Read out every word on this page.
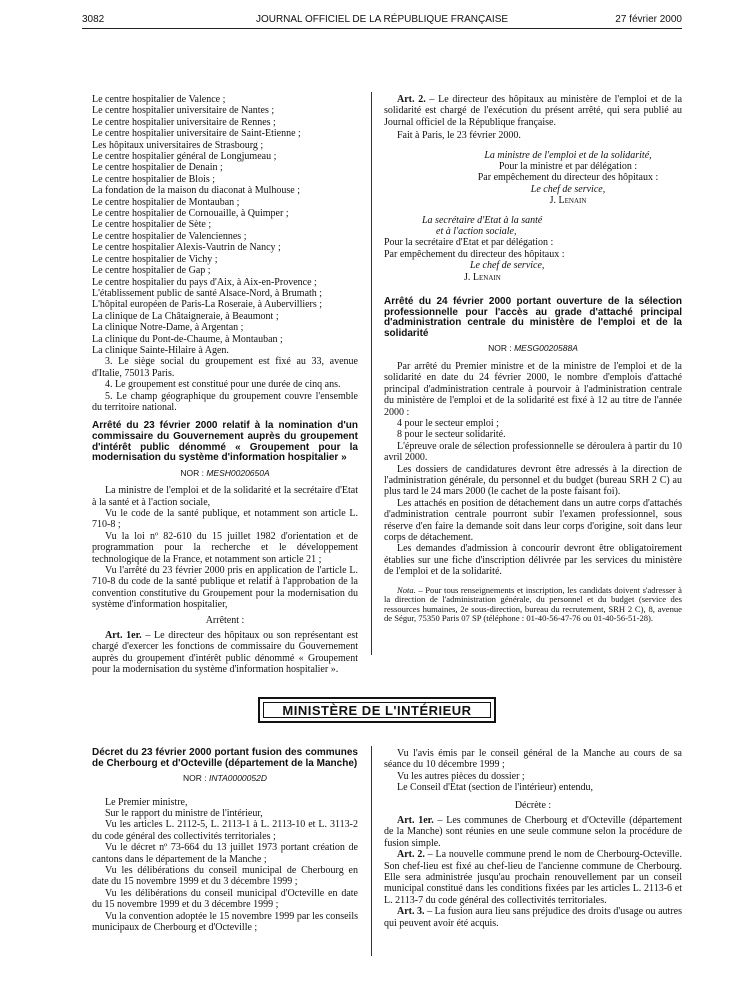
3082	JOURNAL OFFICIEL DE LA RÉPUBLIQUE FRANÇAISE	27 février 2000

Le centre hospitalier de Valence ;

Le centre hospitalier universitaire de Nantes ;

Le centre hospitalier universitaire de Rennes ;

Le centre hospitalier universitaire de Saint-Etienne ;

Les hôpitaux universitaires de Strasbourg ;

Le centre hospitalier général de Longjumeau ;

Le centre hospitalier de Denain ;

Le centre hospitalier de Blois ;

La fondation de la maison du diaconat à Mulhouse ;

Le centre hospitalier de Montauban ;

Le centre hospitalier de Cornouaille, à Quimper ;

Le centre hospitalier de Sète ;

Le centre hospitalier de Valenciennes ;

Le centre hospitalier Alexis-Vautrin de Nancy ;

Le centre hospitalier de Vichy ;

Le centre hospitalier de Gap ;

Le centre hospitalier du pays d'Aix, à Aix-en-Provence ;

L'établissement public de santé Alsace-Nord, à Brumath ;

L'hôpital européen de Paris-La Roseraie, à Aubervilliers ;

La clinique de La Châtaigneraie, à Beaumont ;

La clinique Notre-Dame, à Argentan ;

La clinique du Pont-de-Chaume, à Montauban ;

La clinique Sainte-Hilaire à Agen.

3. Le siège social du groupement est fixé au 33, avenue d'Italie, 75013 Paris.

4. Le groupement est constitué pour une durée de cinq ans.

5. Le champ géographique du groupement couvre l'ensemble du territoire national.

Arrêté du 23 février 2000 relatif à la nomination d'un commissaire du Gouvernement auprès du groupement d'intérêt public dénommé « Groupement pour la modernisation du système d'information hospitalier »

NOR : MESH0020650A

La ministre de l'emploi et de la solidarité et la secrétaire d'Etat à la santé et à l'action sociale,

Vu le code de la santé publique, et notamment son article L. 710-8 ;

Vu la loi nº 82-610 du 15 juillet 1982 d'orientation et de programmation pour la recherche et le développement technologique de la France, et notamment son article 21 ;

Vu l'arrêté du 23 février 2000 pris en application de l'article L. 710-8 du code de la santé publique et relatif à l'approbation de la convention constitutive du Groupement pour la modernisation du système d'information hospitalier,

Arrêtent :

Art. 1er. – Le directeur des hôpitaux ou son représentant est chargé d'exercer les fonctions de commissaire du Gouvernement auprès du groupement d'intérêt public dénommé « Groupement pour la modernisation du système d'information hospitalier ».

Art. 2. – Le directeur des hôpitaux au ministère de l'emploi et de la solidarité est chargé de l'exécution du présent arrêté, qui sera publié au Journal officiel de la République française.

Fait à Paris, le 23 février 2000.

La ministre de l'emploi et de la solidarité,

Pour la ministre et par délégation :

Par empêchement du directeur des hôpitaux :

Le chef de service,

J. Lenain

La secrétaire d'Etat à la santé

et à l'action sociale,

Pour la secrétaire d'Etat et par délégation :

Par empêchement du directeur des hôpitaux :

Le chef de service,

J. Lenain

Arrêté du 24 février 2000 portant ouverture de la sélection professionnelle pour l'accès au grade d'attaché principal d'administration centrale du ministère de l'emploi et de la solidarité

NOR : MESG0020588A

Par arrêté du Premier ministre et de la ministre de l'emploi et de la solidarité en date du 24 février 2000, le nombre d'emplois d'attaché principal d'administration centrale à pourvoir à l'administration centrale du ministère de l'emploi et de la solidarité est fixé à 12 au titre de l'année 2000 :

4 pour le secteur emploi ;

8 pour le secteur solidarité.

L'épreuve orale de sélection professionnelle se déroulera à partir du 10 avril 2000.

Les dossiers de candidatures devront être adressés à la direction de l'administration générale, du personnel et du budget (bureau SRH 2 C) au plus tard le 24 mars 2000 (le cachet de la poste faisant foi).

Les attachés en position de détachement dans un autre corps d'attachés d'administration centrale pourront subir l'examen professionnel, sous réserve d'en faire la demande soit dans leur corps d'origine, soit dans leur corps de détachement.

Les demandes d'admission à concourir devront être obligatoirement établies sur une fiche d'inscription délivrée par les services du ministère de l'emploi et de la solidarité.

Nota. – Pour tous renseignements et inscription, les candidats doivent s'adresser à la direction de l'administration générale, du personnel et du budget (service des ressources humaines, 2e sous-direction, bureau du recrutement, SRH 2 C), 8, avenue de Ségur, 75350 Paris 07 SP (téléphone : 01-40-56-47-76 ou 01-40-56-51-28).

MINISTÈRE DE L'INTÉRIEUR

Décret du 23 février 2000 portant fusion des communes de Cherbourg et d'Octeville (département de la Manche)

NOR : INTA0000052D

Le Premier ministre,

Sur le rapport du ministre de l'intérieur,

Vu les articles L. 2112-5, L. 2113-1 à L. 2113-10 et L. 3113-2 du code général des collectivités territoriales ;

Vu le décret nº 73-664 du 13 juillet 1973 portant création de cantons dans le département de la Manche ;

Vu les délibérations du conseil municipal de Cherbourg en date du 15 novembre 1999 et du 3 décembre 1999 ;

Vu les délibérations du conseil municipal d'Octeville en date du 15 novembre 1999 et du 3 décembre 1999 ;

Vu la convention adoptée le 15 novembre 1999 par les conseils municipaux de Cherbourg et d'Octeville ;

Vu l'avis émis par le conseil général de la Manche au cours de sa séance du 10 décembre 1999 ;

Vu les autres pièces du dossier ;

Le Conseil d'Etat (section de l'intérieur) entendu,

Décrète :

Art. 1er. – Les communes de Cherbourg et d'Octeville (département de la Manche) sont réunies en une seule commune selon la procédure de fusion simple.

Art. 2. – La nouvelle commune prend le nom de Cherbourg-Octeville. Son chef-lieu est fixé au chef-lieu de l'ancienne commune de Cherbourg. Elle sera administrée jusqu'au prochain renouvellement par un conseil municipal constitué dans les conditions fixées par les articles L. 2113-6 et L. 2113-7 du code général des collectivités territoriales.

Art. 3. – La fusion aura lieu sans préjudice des droits d'usage ou autres qui peuvent avoir été acquis.
